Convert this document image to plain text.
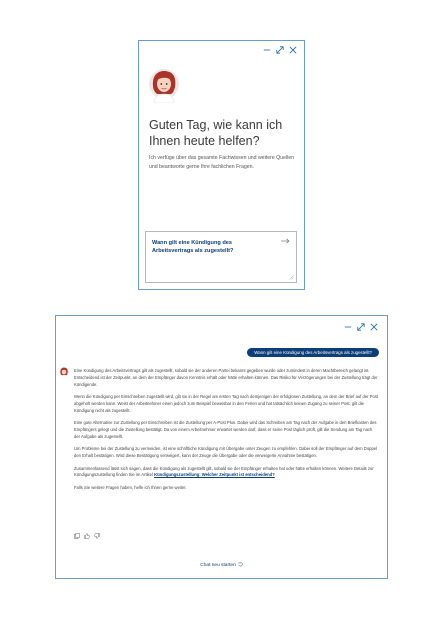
Guten Tag, wie kann ich Ihnen heute helfen?
Ich verfüge über das gesamte Fachwissen und weitere Quellen und beantworte gerne Ihre fachlichen Fragen.
Wann gilt eine Kündigung des Arbeitsvertrags als zugestellt?
Wann gilt eine Kündigung des Arbeitsvertrags als zugestellt?

Eine Kündigung des Arbeitsvertrags gilt als zugestellt, sobald sie der anderen Partei bekannt gegeben wurde oder zumindest in deren Machtbereich gelangt ist. Entscheidend ist der Zeitpunkt, an dem der Empfänger davon Kenntnis erhält oder hätte erhalten können. Das Risiko für Verzögerungen bei der Zustellung trägt der Kündigende.

Wenn die Kündigung per Einschreiben zugestellt wird, gilt sie in der Regel am ersten Tag nach demjenigen der erfolglosen Zustellung, an dem der Brief auf der Post abgeholt werden kann. Weist der Arbeitnehmer einen jedoch zum Beispiel beweisbar in den Ferien und hat tatsächlich keinen Zugang zu seiner Post, gilt die Kündigung nicht als zugestellt.

Eine gute Alternative zur Zustellung per Einschreiben ist die Zustellung per A-Post Plus. Dabei wird das Schreiben am Tag nach der Aufgabe in den Briefkasten des Empfängers gelegt und die Zustellung bestätigt. Da von einem Arbeitnehmer erwartet werden darf, dass er seine Post täglich prüft, gilt die Sendung am Tag nach der Aufgabe als zugestellt.

Um Probleme bei der Zustellung zu vermeiden, ist eine schriftliche Kündigung mit Übergabe unter Zeugen zu empfehlen. Dabei soll der Empfänger auf dem Doppel den Erhalt bestätigen. Wird diese Bestätigung verweigert, kann der Zeuge die Übergabe oder die verweigerte Annahme bestätigen.

Zusammenfassend lässt sich sagen, dass die Kündigung als zugestellt gilt, sobald sie der Empfänger erhalten hat oder hätte erhalten können. Weitere Details zur Kündigungszustellung finden Sie im Artikel Kündigungszustellung: Welcher Zeitpunkt ist entscheidend?

Falls Sie weitere Fragen haben, helfe ich Ihnen gerne weiter.

Chat neu starten
